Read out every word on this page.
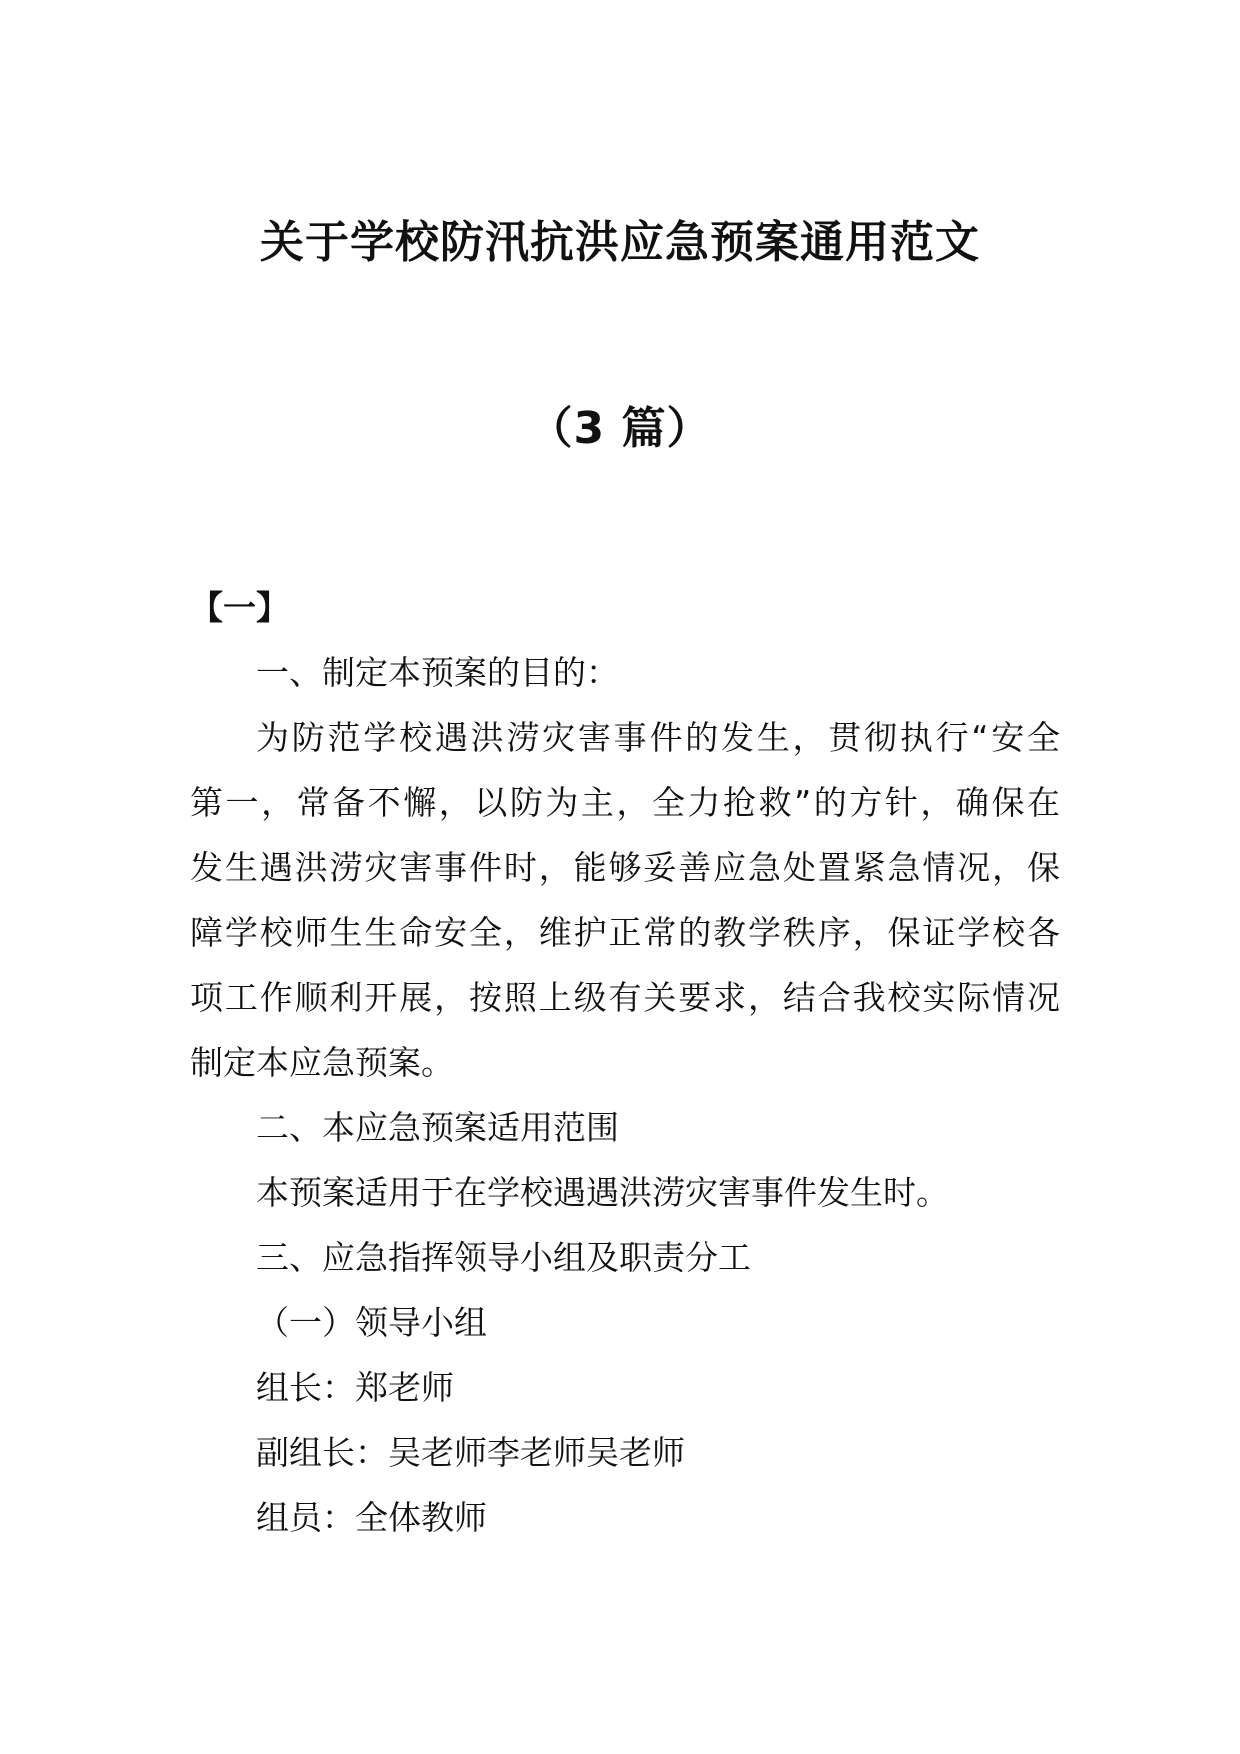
关于学校防汛抗洪应急预案通用范文
（3 篇）
【一】
一、制定本预案的目的：
为防范学校遇洪涝灾害事件的发生，贯彻执行“安全
第一，常备不懈，以防为主，全力抢救”的方针，确保在
发生遇洪涝灾害事件时，能够妥善应急处置紧急情况，保
障学校师生生命安全，维护正常的教学秩序，保证学校各
项工作顺利开展，按照上级有关要求，结合我校实际情况
制定本应急预案。
二、本应急预案适用范围
本预案适用于在学校遇遇洪涝灾害事件发生时。
三、应急指挥领导小组及职责分工
（一）领导小组
组长：郑老师
副组长：吴老师李老师吴老师
组员：全体教师
